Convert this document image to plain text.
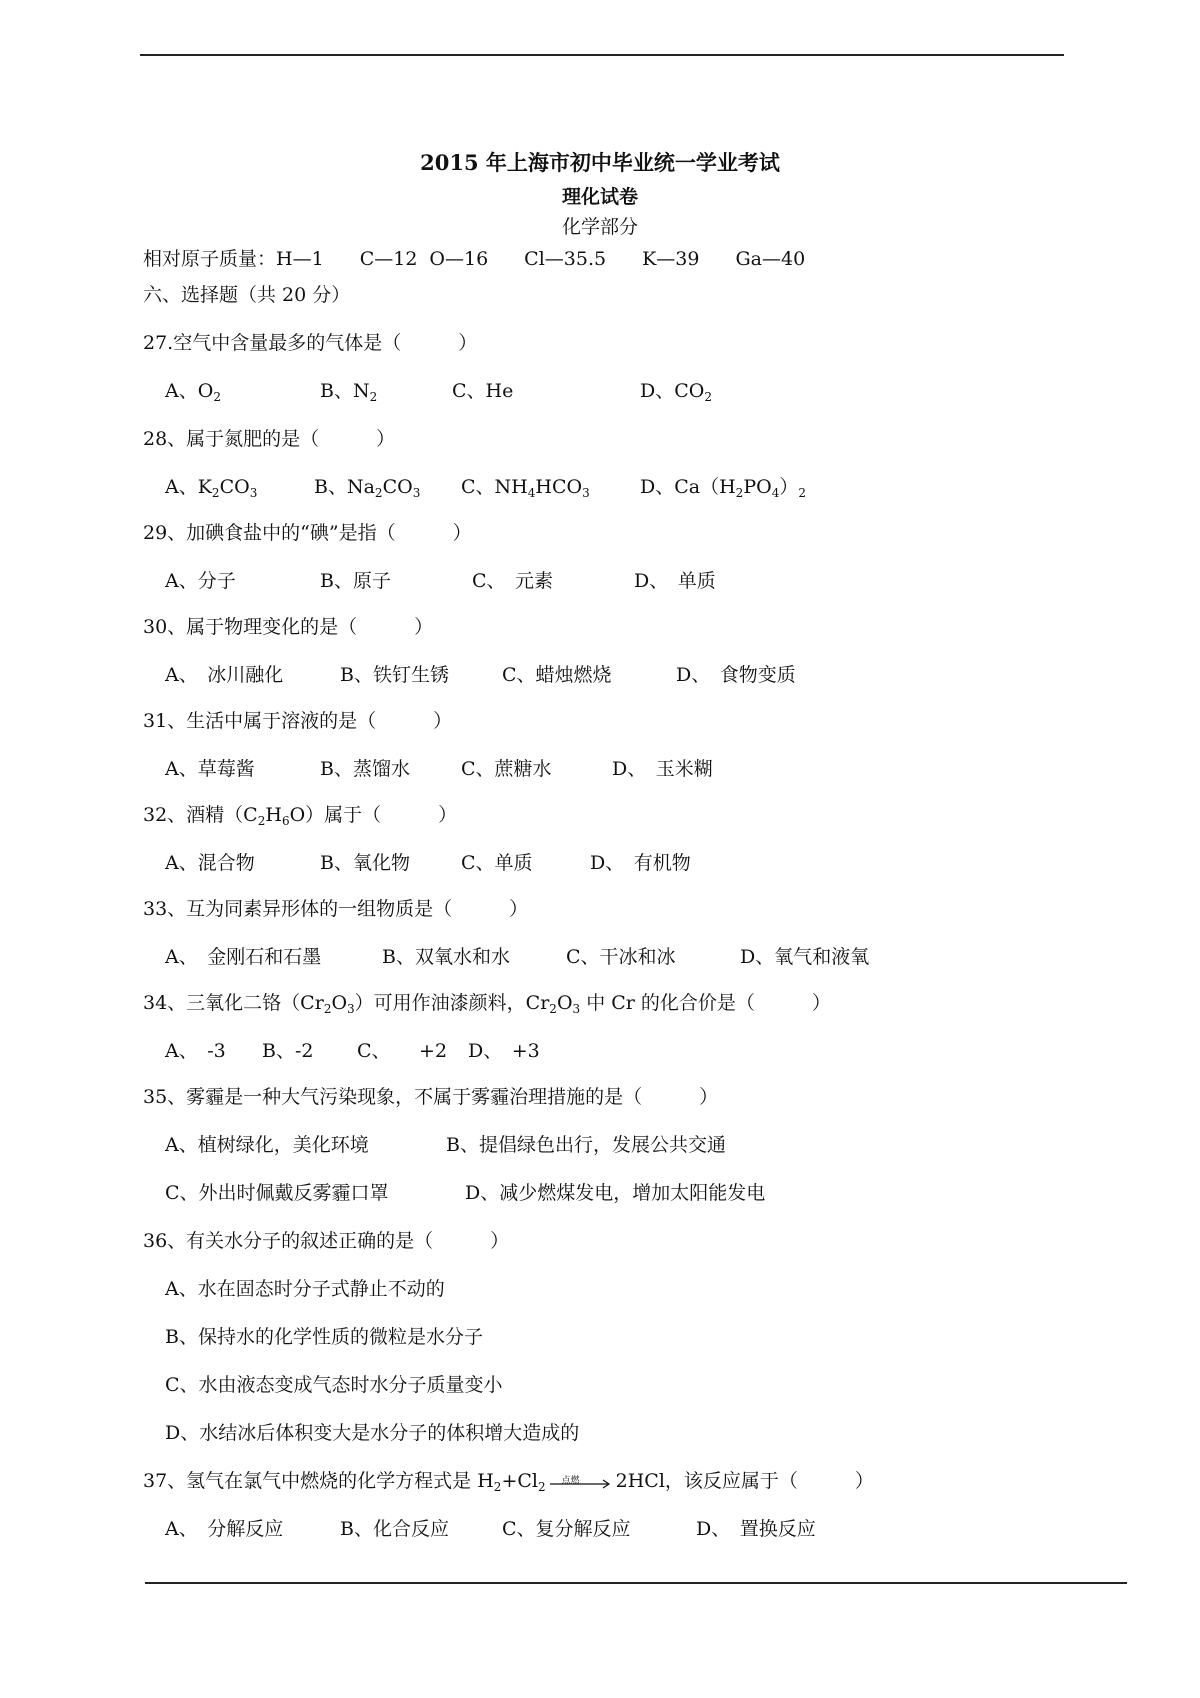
2015 年上海市初中毕业统一学业考试
理化试卷
化学部分
相对原子质量：H—1 C—12 O—16 Cl—35.5 K—39 Ga—40
六、选择题（共 20 分）
27.空气中含量最多的气体是（　　　）
A、$O_2$	B、$N_2$	C、He	D、$CO_2$
28、属于氮肥的是（　　　）
A、$K_2CO_3$	B、$Na_2CO_3$ C、$NH_4HCO_3$	D、$Ca(H_2PO_4)_2$
29、加碘食盐中的“碘”是指（　　　）
A、分子	B、原子	C、　元素	D、　单质
30、属于物理变化的是（　　　）
A、　冰川融化	B、铁钉生锈	C、蜡烛燃烧	D、　食物变质
31、生活中属于溶液的是（　　　）
A、草莓酱	B、蒸馏水	C、蔗糖水	D、　玉米糊
32、酒精$(C_2H_6O)$属于（　　　）
A、混合物	B、氧化物	C、单质	D、　有机物
33、互为同素异形体的一组物质是（　　　）
A、　金刚石和石墨	B、双氧水和水	C、干冰和冰	D、氧气和液氧
34、三氧化二铬$(Cr_2O_3)$可用作油漆颜料，$Cr_2O_3$ 中 Cr 的化合价是（　　　）
A、　-3 B、-2 C、　　+2 D、　+3
35、雾霾是一种大气污染现象，不属于雾霾治理措施的是（　　　）
A、植树绿化，美化环境	B、提倡绿色出行，发展公共交通
C、外出时佩戴反雾霾口罩	D、减少燃煤发电，增加太阳能发电
36、有关水分子的叙述正确的是（　　　）
A、水在固态时分子式静止不动的
B、保持水的化学性质的微粒是水分子
C、水由液态变成气态时水分子质量变小
D、水结冰后体积变大是水分子的体积增大造成的
37、氢气在氯气中燃烧的化学方程式是 $H_2+Cl_2$ 点燃 2HCl，该反应属于（　　　）
A、　分解反应	B、化合反应	C、复分解反应	D、　置换反应
